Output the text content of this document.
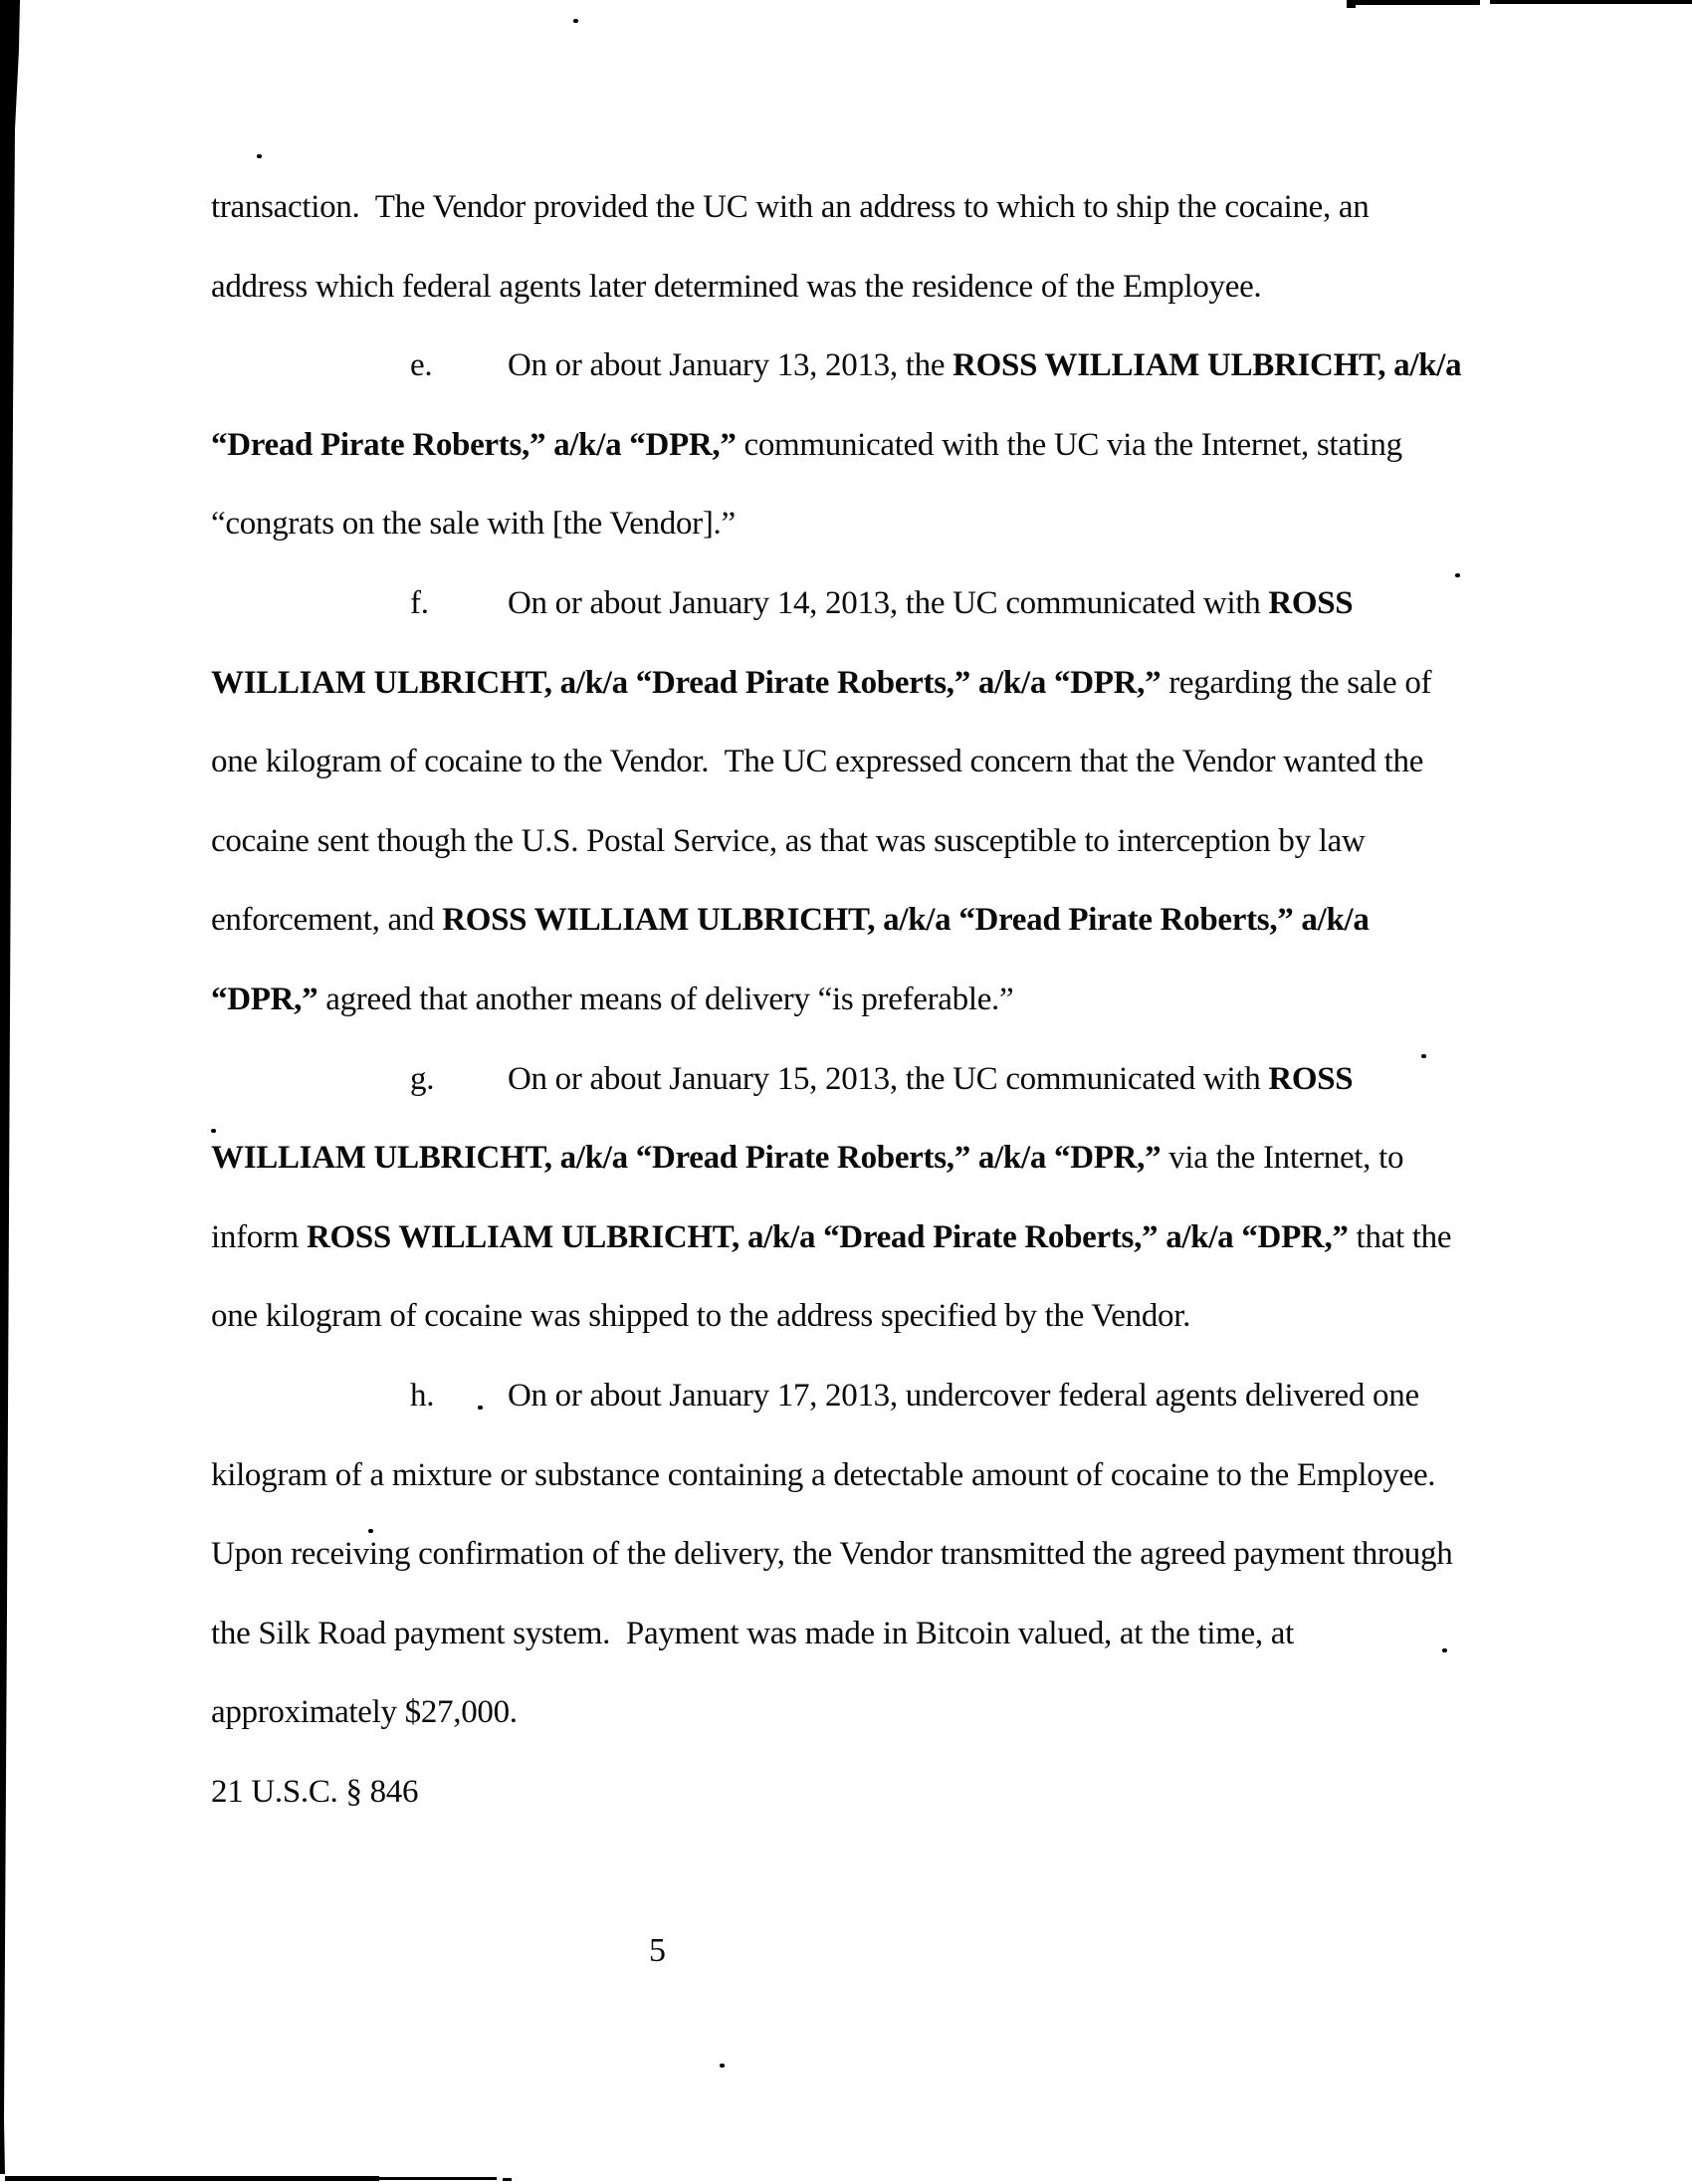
transaction.  The Vendor provided the UC with an address to which to ship the cocaine, an
address which federal agents later determined was the residence of the Employee.
e. On or about January 13, 2013, the ROSS WILLIAM ULBRICHT, a/k/a
“Dread Pirate Roberts,” a/k/a “DPR,” communicated with the UC via the Internet, stating
“congrats on the sale with [the Vendor].”
f. On or about January 14, 2013, the UC communicated with ROSS
WILLIAM ULBRICHT, a/k/a “Dread Pirate Roberts,” a/k/a “DPR,” regarding the sale of
one kilogram of cocaine to the Vendor.  The UC expressed concern that the Vendor wanted the
cocaine sent though the U.S. Postal Service, as that was susceptible to interception by law
enforcement, and ROSS WILLIAM ULBRICHT, a/k/a “Dread Pirate Roberts,” a/k/a
“DPR,” agreed that another means of delivery “is preferable.”
g. On or about January 15, 2013, the UC communicated with ROSS
WILLIAM ULBRICHT, a/k/a “Dread Pirate Roberts,” a/k/a “DPR,” via the Internet, to
inform ROSS WILLIAM ULBRICHT, a/k/a “Dread Pirate Roberts,” a/k/a “DPR,” that the
one kilogram of cocaine was shipped to the address specified by the Vendor.
h. On or about January 17, 2013, undercover federal agents delivered one
kilogram of a mixture or substance containing a detectable amount of cocaine to the Employee.
Upon receiving confirmation of the delivery, the Vendor transmitted the agreed payment through
the Silk Road payment system.  Payment was made in Bitcoin valued, at the time, at
approximately $27,000.
21 U.S.C. § 846
5
